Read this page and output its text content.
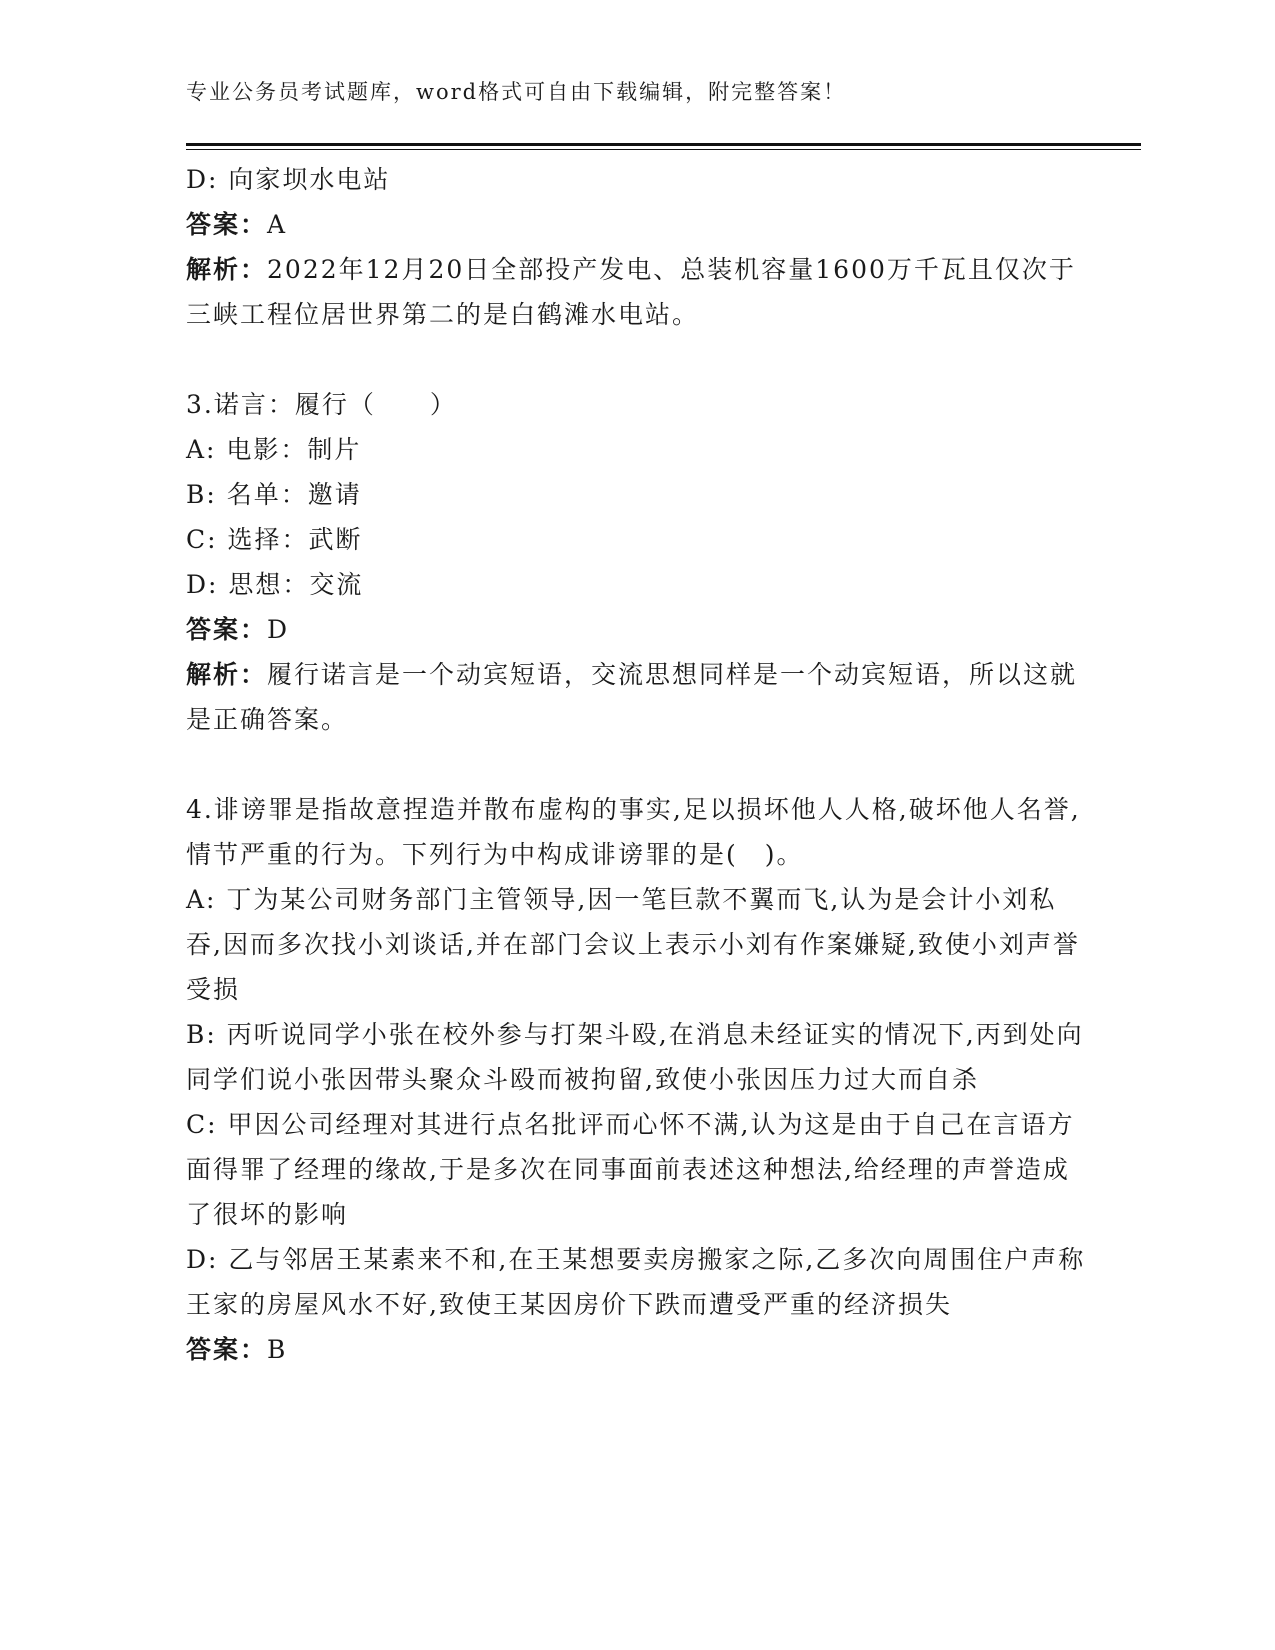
专业公务员考试题库，word格式可自由下载编辑，附完整答案！

D: 向家坝水电站

答案：A

解析：2022年12月20日全部投产发电、总装机容量1600万千瓦且仅次于三峡工程位居世界第二的是白鹤滩水电站。

3.诺言：履行（　　）

A: 电影：制片

B: 名单：邀请

C: 选择：武断

D: 思想：交流

答案：D

解析：履行诺言是一个动宾短语，交流思想同样是一个动宾短语，所以这就是正确答案。

4.诽谤罪是指故意捏造并散布虚构的事实,足以损坏他人人格,破坏他人名誉,情节严重的行为。下列行为中构成诽谤罪的是(　)。

A: 丁为某公司财务部门主管领导,因一笔巨款不翼而飞,认为是会计小刘私吞,因而多次找小刘谈话,并在部门会议上表示小刘有作案嫌疑,致使小刘声誉受损

B: 丙听说同学小张在校外参与打架斗殴,在消息未经证实的情况下,丙到处向同学们说小张因带头聚众斗殴而被拘留,致使小张因压力过大而自杀

C: 甲因公司经理对其进行点名批评而心怀不满,认为这是由于自己在言语方面得罪了经理的缘故,于是多次在同事面前表述这种想法,给经理的声誉造成了很坏的影响

D: 乙与邻居王某素来不和,在王某想要卖房搬家之际,乙多次向周围住户声称王家的房屋风水不好,致使王某因房价下跌而遭受严重的经济损失

答案：B
